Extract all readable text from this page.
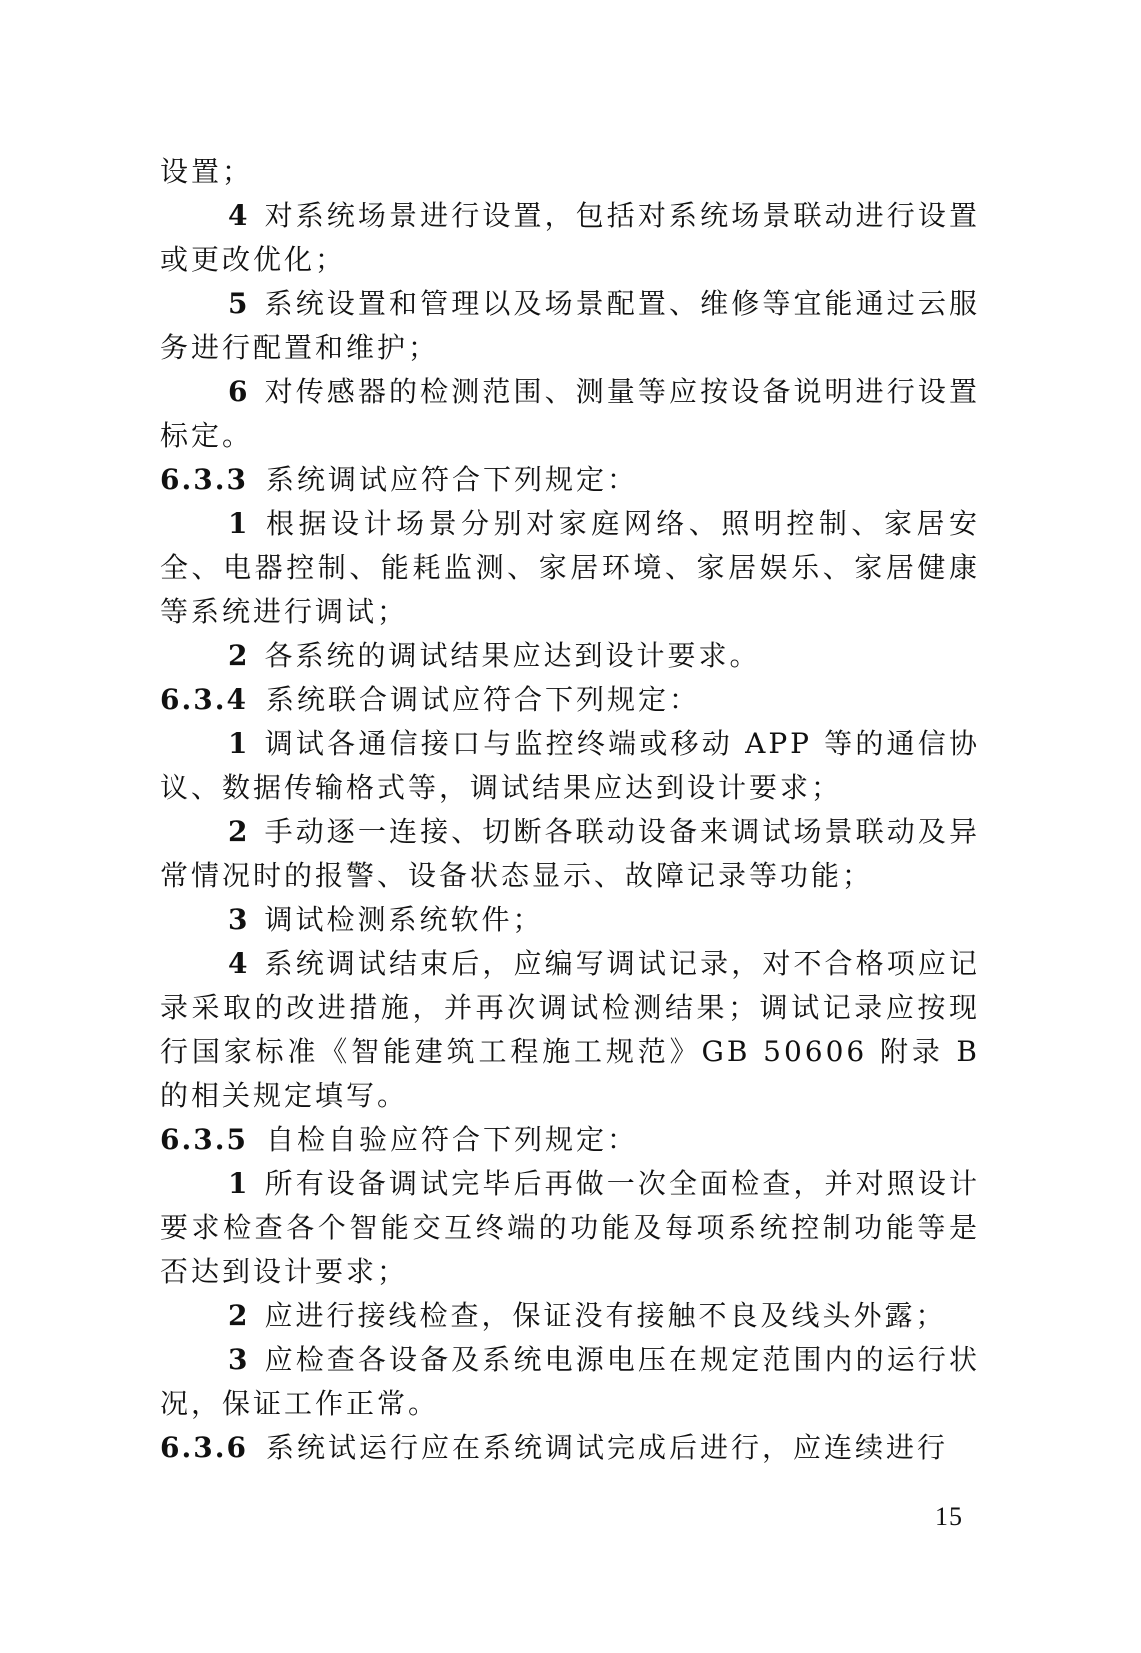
设置；

4 对系统场景进行设置，包括对系统场景联动进行设置或更改优化；

5 系统设置和管理以及场景配置、维修等宜能通过云服务进行配置和维护；

6 对传感器的检测范围、测量等应按设备说明进行设置标定。

6.3.3 系统调试应符合下列规定：

1 根据设计场景分别对家庭网络、照明控制、家居安全、电器控制、能耗监测、家居环境、家居娱乐、家居健康等系统进行调试；

2 各系统的调试结果应达到设计要求。

6.3.4 系统联合调试应符合下列规定：

1 调试各通信接口与监控终端或移动 APP 等的通信协议、数据传输格式等，调试结果应达到设计要求；

2 手动逐一连接、切断各联动设备来调试场景联动及异常情况时的报警、设备状态显示、故障记录等功能；

3 调试检测系统软件；

4 系统调试结束后，应编写调试记录，对不合格项应记录采取的改进措施，并再次调试检测结果；调试记录应按现行国家标准《智能建筑工程施工规范》GB 50606 附录 B 的相关规定填写。

6.3.5 自检自验应符合下列规定：

1 所有设备调试完毕后再做一次全面检查，并对照设计要求检查各个智能交互终端的功能及每项系统控制功能等是否达到设计要求；

2 应进行接线检查，保证没有接触不良及线头外露；

3 应检查各设备及系统电源电压在规定范围内的运行状况，保证工作正常。

6.3.6 系统试运行应在系统调试完成后进行，应连续进行

15
